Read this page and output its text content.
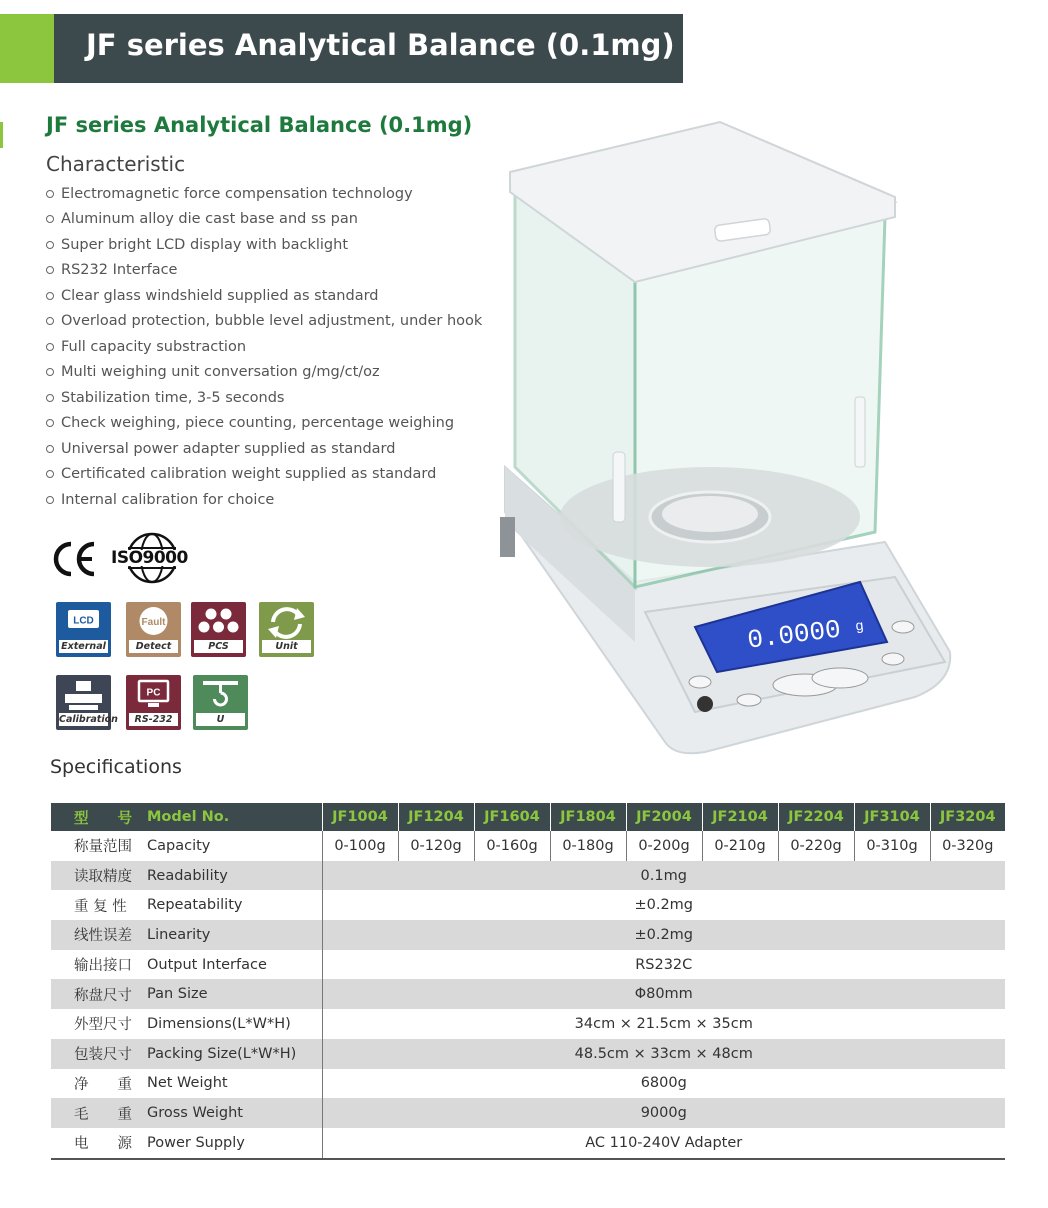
JF series Analytical Balance (0.1mg)
JF series Analytical Balance (0.1mg)
Characteristic
Electromagnetic force compensation technology
Aluminum alloy die cast base and ss pan
Super bright LCD display with backlight
RS232 Interface
Clear glass windshield supplied as standard
Overload protection, bubble level adjustment, under hook
Full capacity substraction
Multi weighing unit conversation g/mg/ct/oz
Stabilization time, 3-5 seconds
Check weighing, piece counting, percentage weighing
Universal power adapter supplied as standard
Certificated calibration weight supplied as standard
Internal calibration for choice
ISO9000
LCD
External
Fault
Detect	PCS	Unit
Calibration
PC
RS-232	U
0.0000 g
Specifications
型　　号	Model No.	JF1004	JF1204	JF1604	JF1804	JF2004	JF2104	JF2204	JF3104	JF3204
称量范围	Capacity	0-100g	0-120g	0-160g	0-180g	0-200g	0-210g	0-220g	0-310g	0-320g
读取精度	Readability	0.1mg								
重 复 性	Repeatability	±0.2mg								
线性误差	Linearity	±0.2mg								
输出接口	Output Interface	RS232C								
称盘尺寸	Pan Size	Φ80mm								
外型尺寸	Dimensions(L*W*H)	34cm × 21.5cm × 35cm								
包装尺寸	Packing Size(L*W*H)	48.5cm × 33cm × 48cm								
净　　重	Net Weight	6800g								
毛　　重	Gross Weight	9000g								
电　　源	Power Supply	AC 110-240V Adapter								
